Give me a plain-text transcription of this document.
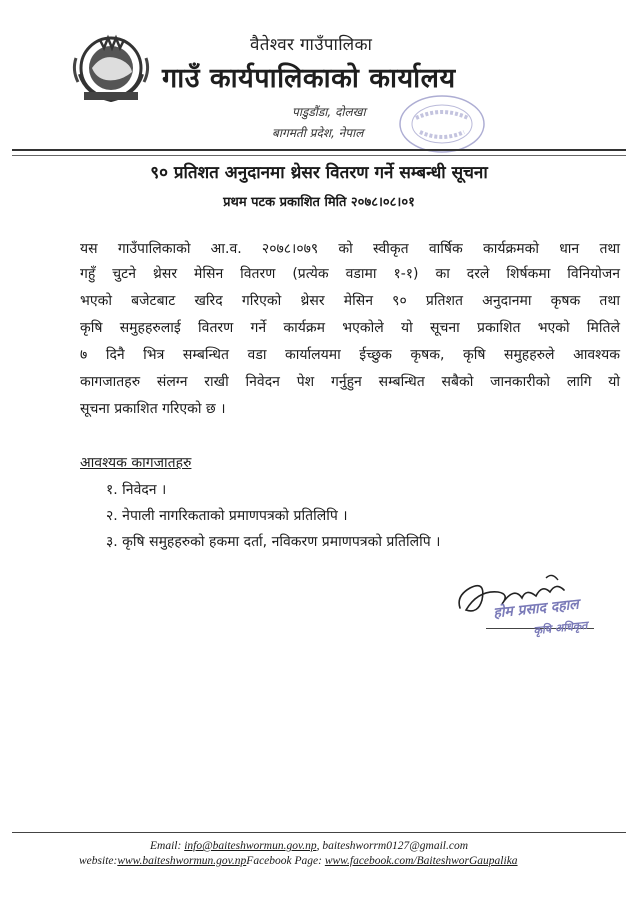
वैतेश्वर गाउँपालिका
गाउँ कार्यपालिकाको कार्यालय
पाडुडौंडा, दोलखा
बागमती प्रदेश, नेपाल
९० प्रतिशत अनुदानमा थ्रेसर वितरण गर्ने सम्बन्धी सूचना
प्रथम पटक प्रकाशित मिति २०७८।०८।०१
यस गाउँपालिकाको आ.व. २०७८।०७९ को स्वीकृत वार्षिक कार्यक्रमको धान तथा
गहुँ चुटने थ्रेसर मेसिन वितरण (प्रत्येक वडामा १-१) का दरले शिर्षकमा विनियोजन
भएको बजेटबाट खरिद गरिएको थ्रेसर मेसिन ९० प्रतिशत अनुदानमा कृषक तथा
कृषि समुहहरुलाई वितरण गर्ने कार्यक्रम भएकोले यो सूचना प्रकाशित भएको मितिले
७ दिनै भित्र सम्बन्धित वडा कार्यालयमा ईच्छुक कृषक, कृषि समुहहरुले आवश्यक
कागजातहरु संलग्न राखी निवेदन पेश गर्नुहुन सम्बन्धित सबैको जानकारीको लागि यो
सूचना प्रकाशित गरिएको छ ।
आवश्यक कागजातहरु
१. निवेदन ।
२. नेपाली नागरिकताको प्रमाणपत्रको प्रतिलिपि ।
३. कृषि समुहहरुको हकमा दर्ता, नविकरण प्रमाणपत्रको प्रतिलिपि ।
होम प्रसाद दहाल
कृषि अधिकृत
Email: info@baiteshwormun.gov.np, baiteshworrm0127@gmail.com
website:www.baiteshwormun.gov.npFacebook Page: www.facebook.com/BaiteshworGaupalika
